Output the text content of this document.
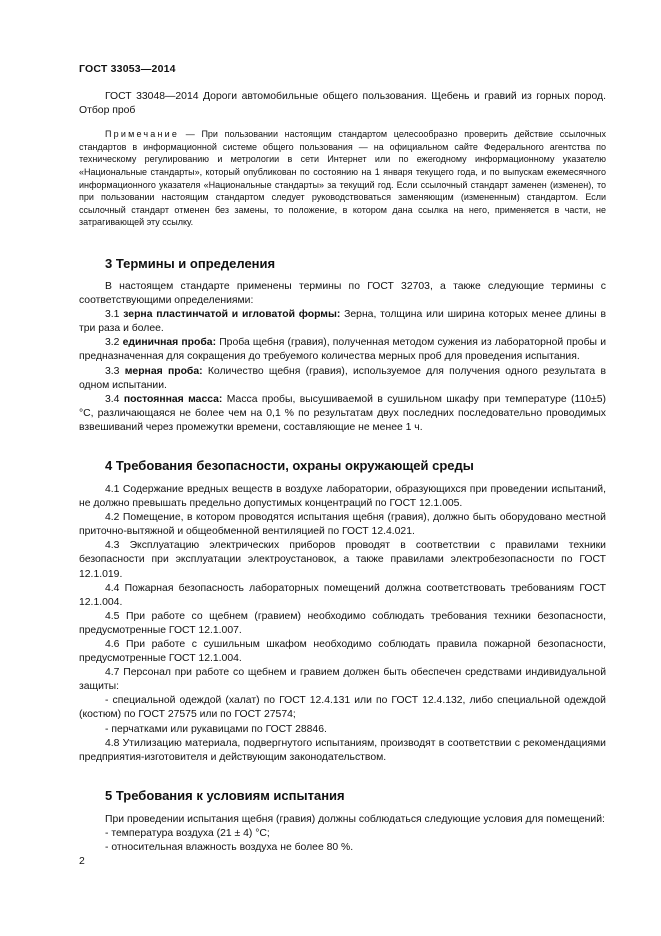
ГОСТ 33053—2014

ГОСТ 33048—2014 Дороги автомобильные общего пользования. Щебень и гравий из горных пород. Отбор проб

Примечание — При пользовании настоящим стандартом целесообразно проверить действие ссылочных стандартов в информационной системе общего пользования — на официальном сайте Федерального агентства по техническому регулированию и метрологии в сети Интернет или по ежегодному информационному указателю «Национальные стандарты», который опубликован по состоянию на 1 января текущего года, и по выпускам ежемесячного информационного указателя «Национальные стандарты» за текущий год. Если ссылочный стандарт заменен (изменен), то при пользовании настоящим стандартом следует руководствоваться заменяющим (измененным) стандартом. Если ссылочный стандарт отменен без замены, то положение, в котором дана ссылка на него, применяется в части, не затрагивающей эту ссылку.

3 Термины и определения

В настоящем стандарте применены термины по ГОСТ 32703, а также следующие термины с соответствующими определениями:

3.1 зерна пластинчатой и игловатой формы: Зерна, толщина или ширина которых менее длины в три раза и более.

3.2 единичная проба: Проба щебня (гравия), полученная методом сужения из лабораторной пробы и предназначенная для сокращения до требуемого количества мерных проб для проведения испытания.

3.3 мерная проба: Количество щебня (гравия), используемое для получения одного результата в одном испытании.

3.4 постоянная масса: Масса пробы, высушиваемой в сушильном шкафу при температуре (110±5) °С, различающаяся не более чем на 0,1 % по результатам двух последних последовательно проводимых взвешиваний через промежутки времени, составляющие не менее 1 ч.

4 Требования безопасности, охраны окружающей среды

4.1 Содержание вредных веществ в воздухе лаборатории, образующихся при проведении испытаний, не должно превышать предельно допустимых концентраций по ГОСТ 12.1.005.

4.2 Помещение, в котором проводятся испытания щебня (гравия), должно быть оборудовано местной приточно-вытяжной и общеобменной вентиляцией по ГОСТ 12.4.021.

4.3 Эксплуатацию электрических приборов проводят в соответствии с правилами техники безопасности при эксплуатации электроустановок, а также правилами электробезопасности по ГОСТ 12.1.019.

4.4 Пожарная безопасность лабораторных помещений должна соответствовать требованиям ГОСТ 12.1.004.

4.5 При работе со щебнем (гравием) необходимо соблюдать требования техники безопасности, предусмотренные ГОСТ 12.1.007.

4.6 При работе с сушильным шкафом необходимо соблюдать правила пожарной безопасности, предусмотренные ГОСТ 12.1.004.

4.7 Персонал при работе со щебнем и гравием должен быть обеспечен средствами индивидуальной защиты:

- специальной одеждой (халат) по ГОСТ 12.4.131 или по ГОСТ 12.4.132, либо специальной одеждой (костюм) по ГОСТ 27575 или по ГОСТ 27574;

- перчатками или рукавицами по ГОСТ 28846.

4.8 Утилизацию материала, подвергнутого испытаниям, производят в соответствии с рекомендациями предприятия-изготовителя и действующим законодательством.

5 Требования к условиям испытания

При проведении испытания щебня (гравия) должны соблюдаться следующие условия для помещений:

- температура воздуха (21 ± 4) °С;

- относительная влажность воздуха не более 80 %.

2
